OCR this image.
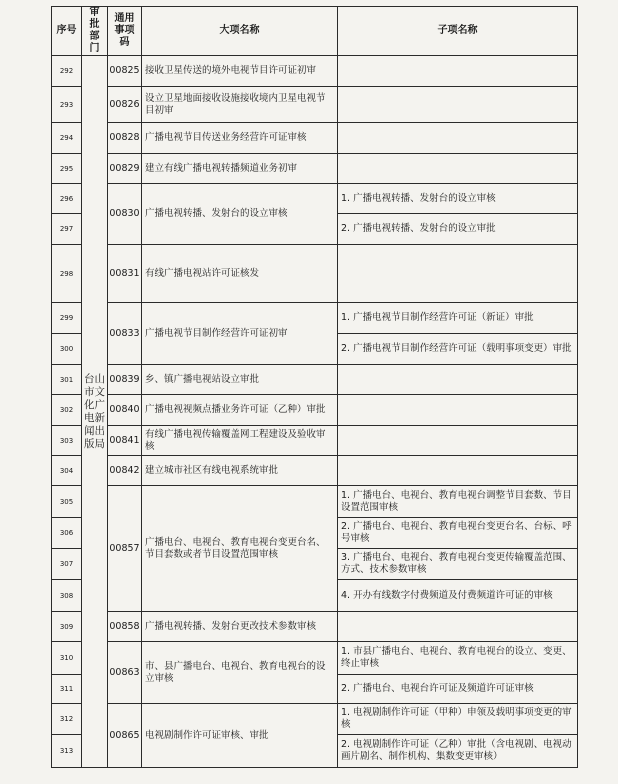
序号	审批部门	通用事项码	大项名称	子项名称
292	台山市文化广电新闻出版局	00825	接收卫星传送的境外电视节目许可证初审	
293		00826	设立卫星地面接收设施接收境内卫星电视节目初审	
294		00828	广播电视节目传送业务经营许可证审核	
295		00829	建立有线广播电视转播频道业务初审	
296		00830	广播电视转播、发射台的设立审核	1. 广播电视转播、发射台的设立审核
297				2. 广播电视转播、发射台的设立审批
298		00831	有线广播电视站许可证核发	
299		00833	广播电视节目制作经营许可证初审	1. 广播电视节目制作经营许可证（新证）审批
300				2. 广播电视节目制作经营许可证（载明事项变更）审批
301		00839	乡、镇广播电视站设立审批	
302		00840	广播电视视频点播业务许可证（乙种）审批	
303		00841	有线广播电视传输覆盖网工程建设及验收审核	
304		00842	建立城市社区有线电视系统审批	
305		00857	广播电台、电视台、教育电视台变更台名、节目套数或者节目设置范围审核	1. 广播电台、电视台、教育电视台调整节目套数、节目设置范围审核
306				2. 广播电台、电视台、教育电视台变更台名、台标、呼号审核
307				3. 广播电台、电视台、教育电视台变更传输覆盖范围、方式、技术参数审核
308				4. 开办有线数字付费频道及付费频道许可证的审核
309		00858	广播电视转播、发射台更改技术参数审核	
310		00863	市、县广播电台、电视台、教育电视台的设立审核	1. 市县广播电台、电视台、教育电视台的设立、变更、终止审核
311				2. 广播电台、电视台许可证及频道许可证审核
312		00865	电视剧制作许可证审核、审批	1. 电视剧制作许可证（甲种）申领及载明事项变更的审核
313				2. 电视剧制作许可证（乙种）审批（含电视剧、电视动画片剧名、制作机构、集数变更审核）
